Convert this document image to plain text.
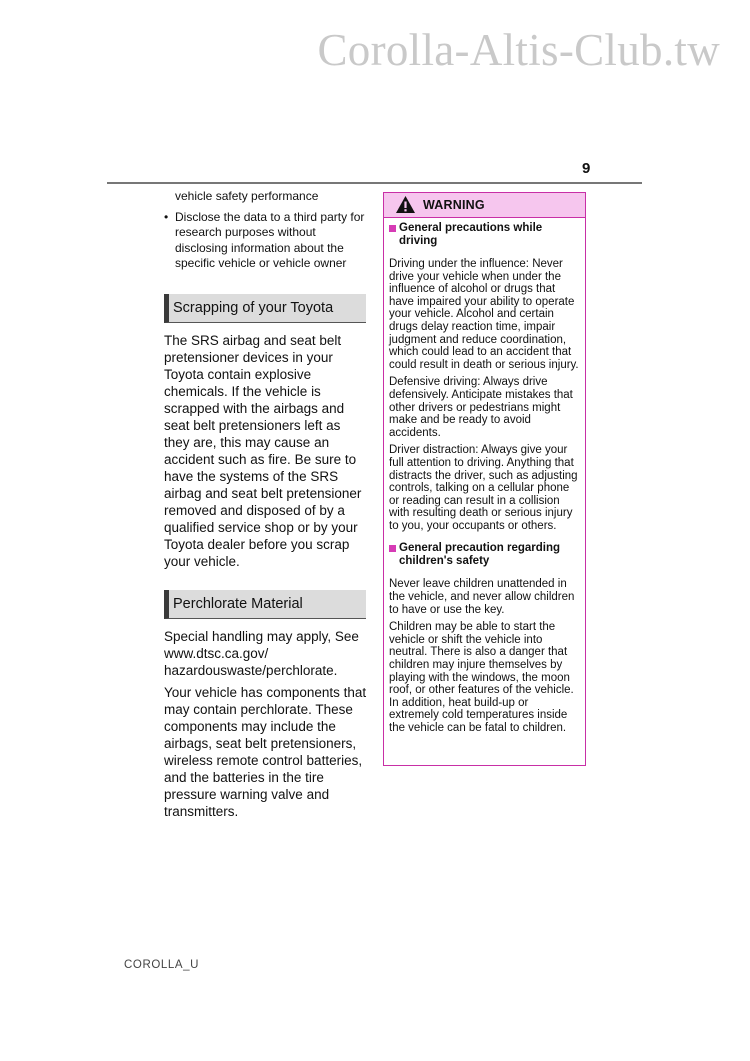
Corolla-Altis-Club.tw
9

vehicle safety performance

• Disclose the data to a third party for research purposes without disclosing information about the specific vehicle or vehicle owner
Scrapping of your Toyota

The SRS airbag and seat belt pretensioner devices in your Toyota contain explosive chemicals. If the vehicle is scrapped with the airbags and seat belt pretensioners left as they are, this may cause an accident such as fire. Be sure to have the systems of the SRS airbag and seat belt pretensioner removed and disposed of by a qualified service shop or by your Toyota dealer before you scrap your vehicle.

Perchlorate Material

Special handling may apply, See www.dtsc.ca.gov/ hazardouswaste/perchlorate.

Your vehicle has components that may contain perchlorate. These components may include the airbags, seat belt pretensioners, wireless remote control batteries, and the batteries in the tire pressure warning valve and transmitters.

WARNING
General precautions while driving

Driving under the influence: Never drive your vehicle when under the influence of alcohol or drugs that have impaired your ability to operate your vehicle. Alcohol and certain drugs delay reaction time, impair judgment and reduce coordination, which could lead to an accident that could result in death or serious injury.

Defensive driving: Always drive defensively. Anticipate mistakes that other drivers or pedestrians might make and be ready to avoid accidents.

Driver distraction: Always give your full attention to driving. Anything that distracts the driver, such as adjusting controls, talking on a cellular phone or reading can result in a collision with resulting death or serious injury to you, your occupants or others.

General precaution regarding children's safety

Never leave children unattended in the vehicle, and never allow children to have or use the key.

Children may be able to start the vehicle or shift the vehicle into neutral. There is also a danger that children may injure themselves by playing with the windows, the moon roof, or other features of the vehicle. In addition, heat build-up or extremely cold temperatures inside the vehicle can be fatal to children.

COROLLA_U
